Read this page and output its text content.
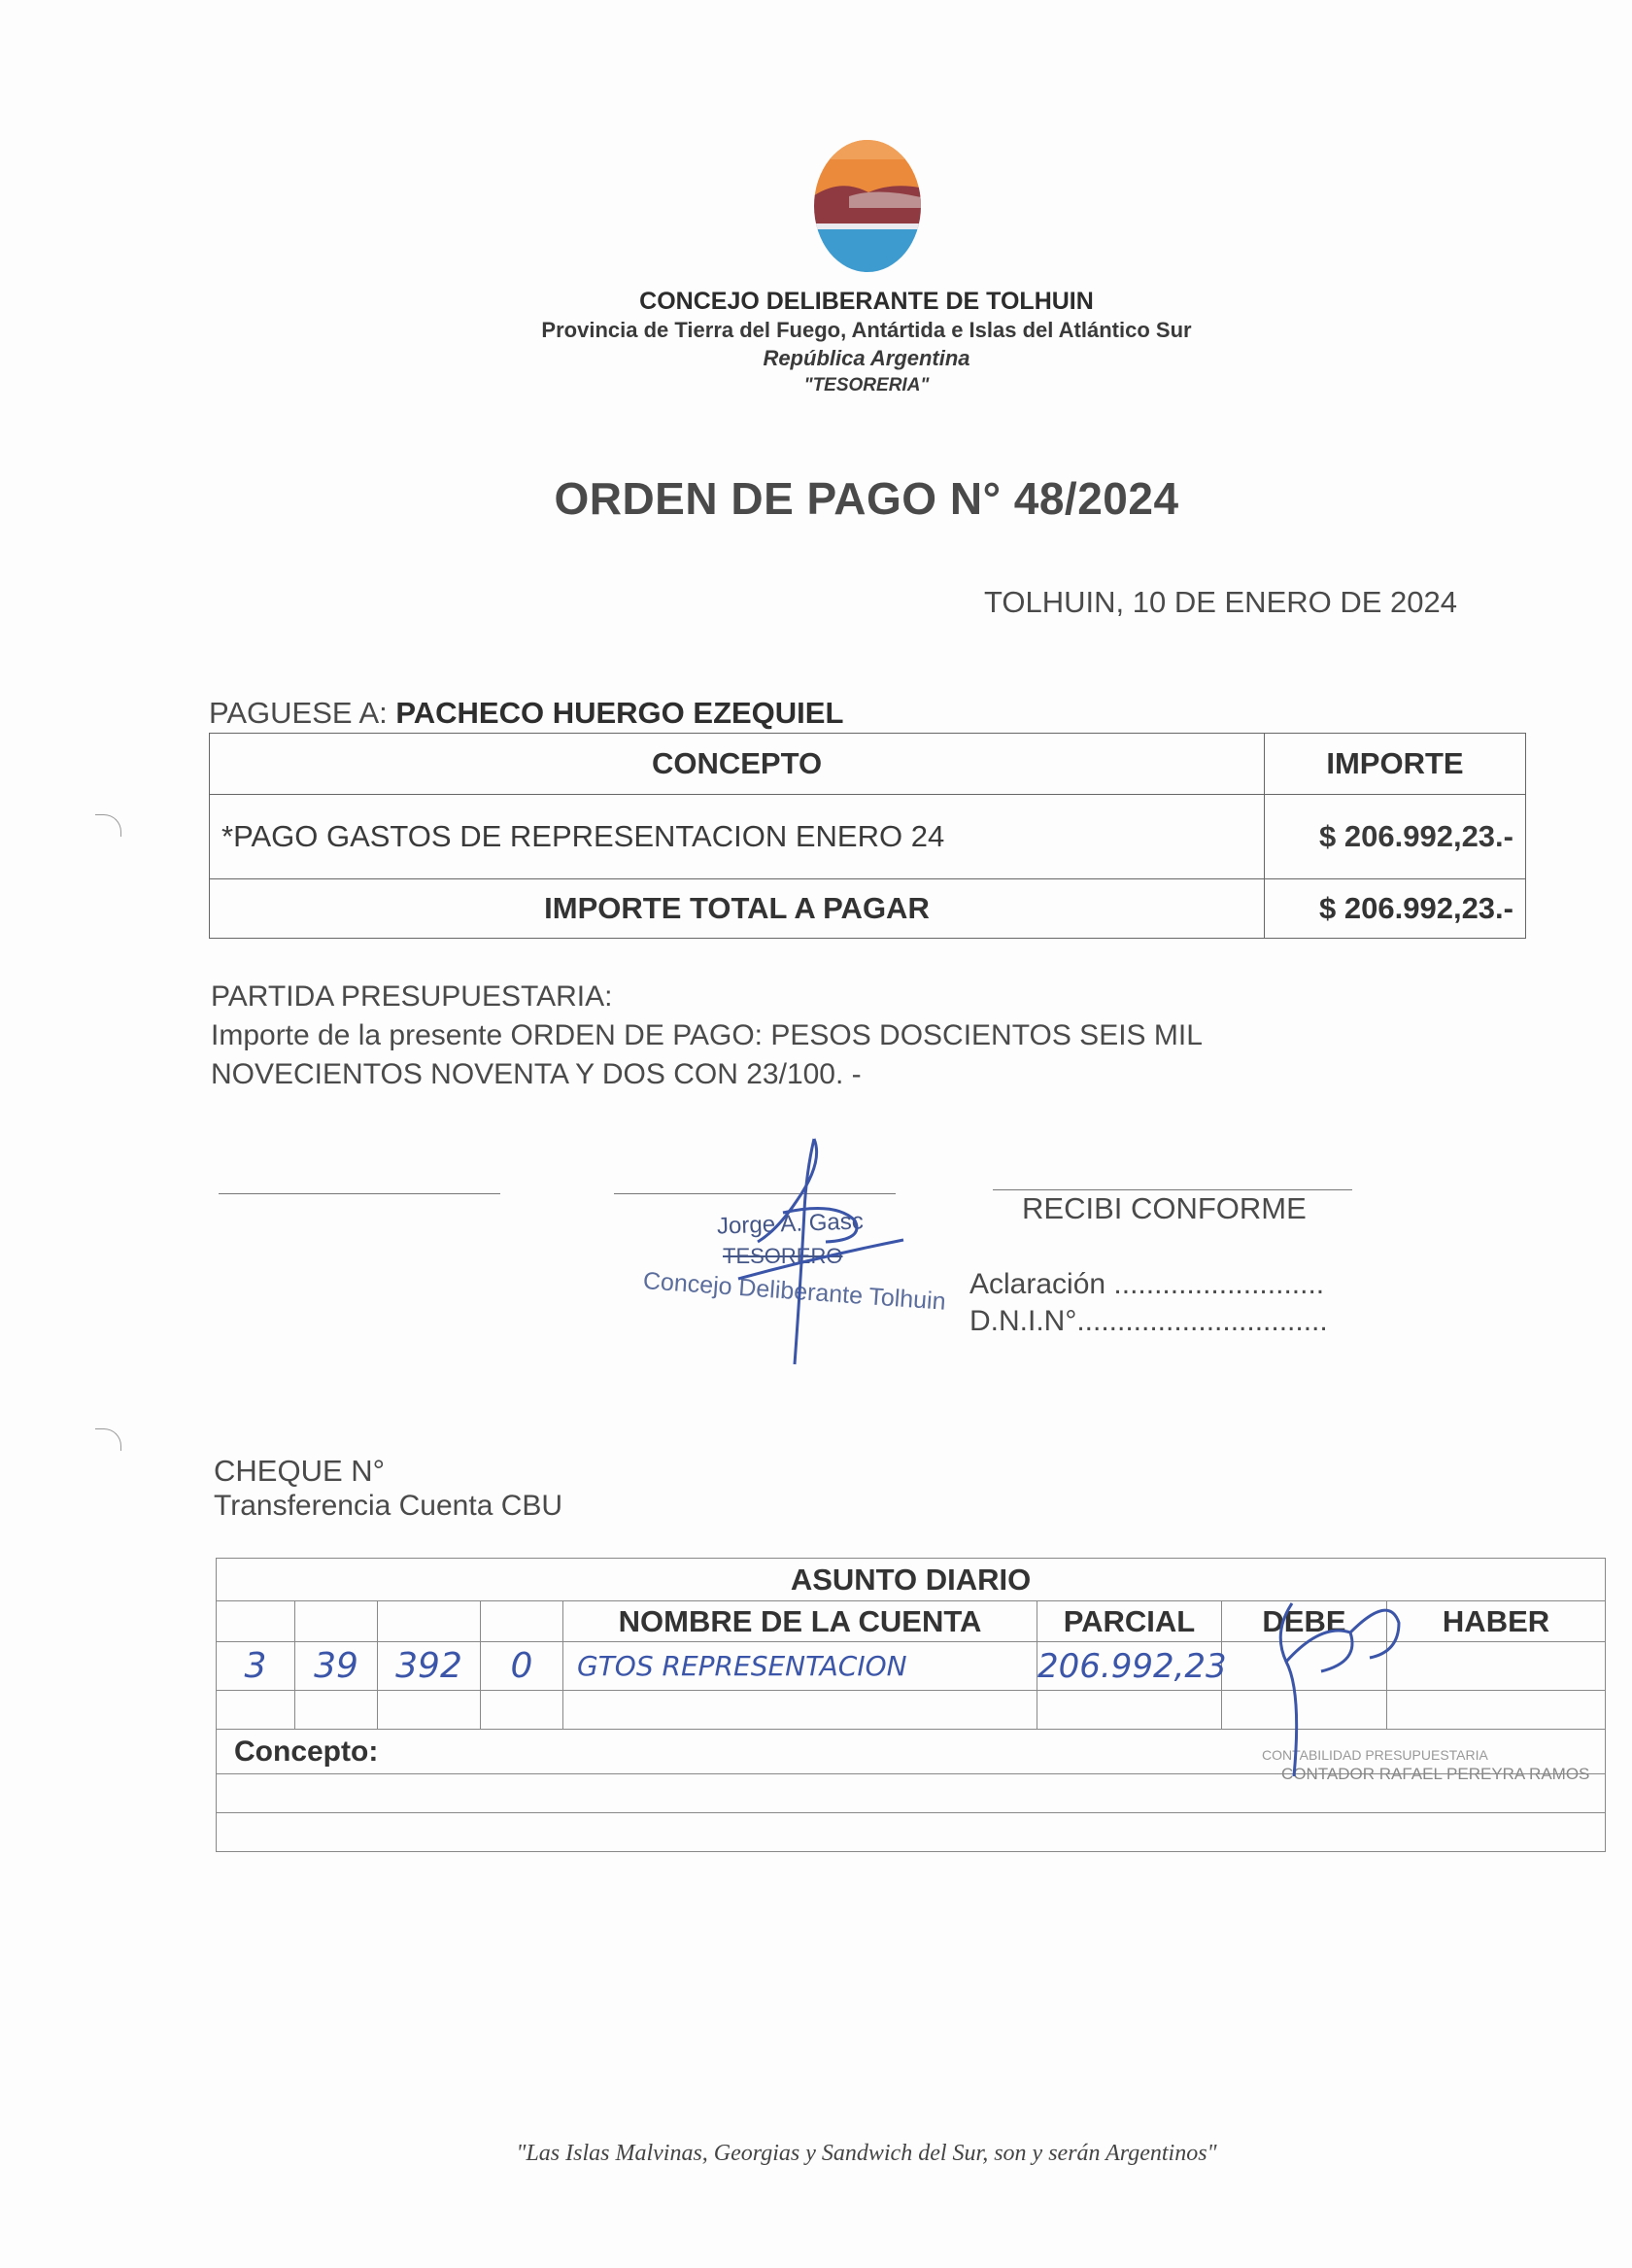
CONCEJO DELIBERANTE DE TOLHUIN
Provincia de Tierra del Fuego, Antártida e Islas del Atlántico Sur
República Argentina
"TESORERIA"
ORDEN DE PAGO N° 48/2024
TOLHUIN, 10 DE ENERO DE 2024
PAGUESE A: PACHECO HUERGO EZEQUIEL
CONCEPTO	IMPORTE
*PAGO GASTOS DE REPRESENTACION ENERO 24	$ 206.992,23.-
IMPORTE TOTAL A PAGAR	$ 206.992,23.-
PARTIDA PRESUPUESTARIA:
Importe de la presente ORDEN DE PAGO: PESOS DOSCIENTOS SEIS MIL
NOVECIENTOS NOVENTA Y DOS CON 23/100. -
Jorge A. Gasc
TESORERO
Concejo Deliberante Tolhuin
RECIBI CONFORME
Aclaración ..........................
D.N.I.N°...............................
CHEQUE N°
Transferencia Cuenta CBU
ASUNTO DIARIO							
				NOMBRE DE LA CUENTA	PARCIAL	DEBE	HABER
3	39	392	0	GTOS REPRESENTACION	206.992,23		

Concepto:								CONTABILIDAD PRESUPUESTARIA
CONTADOR RAFAEL PEREYRA RAMOS
"Las Islas Malvinas, Georgias y Sandwich del Sur, son y serán Argentinos"
